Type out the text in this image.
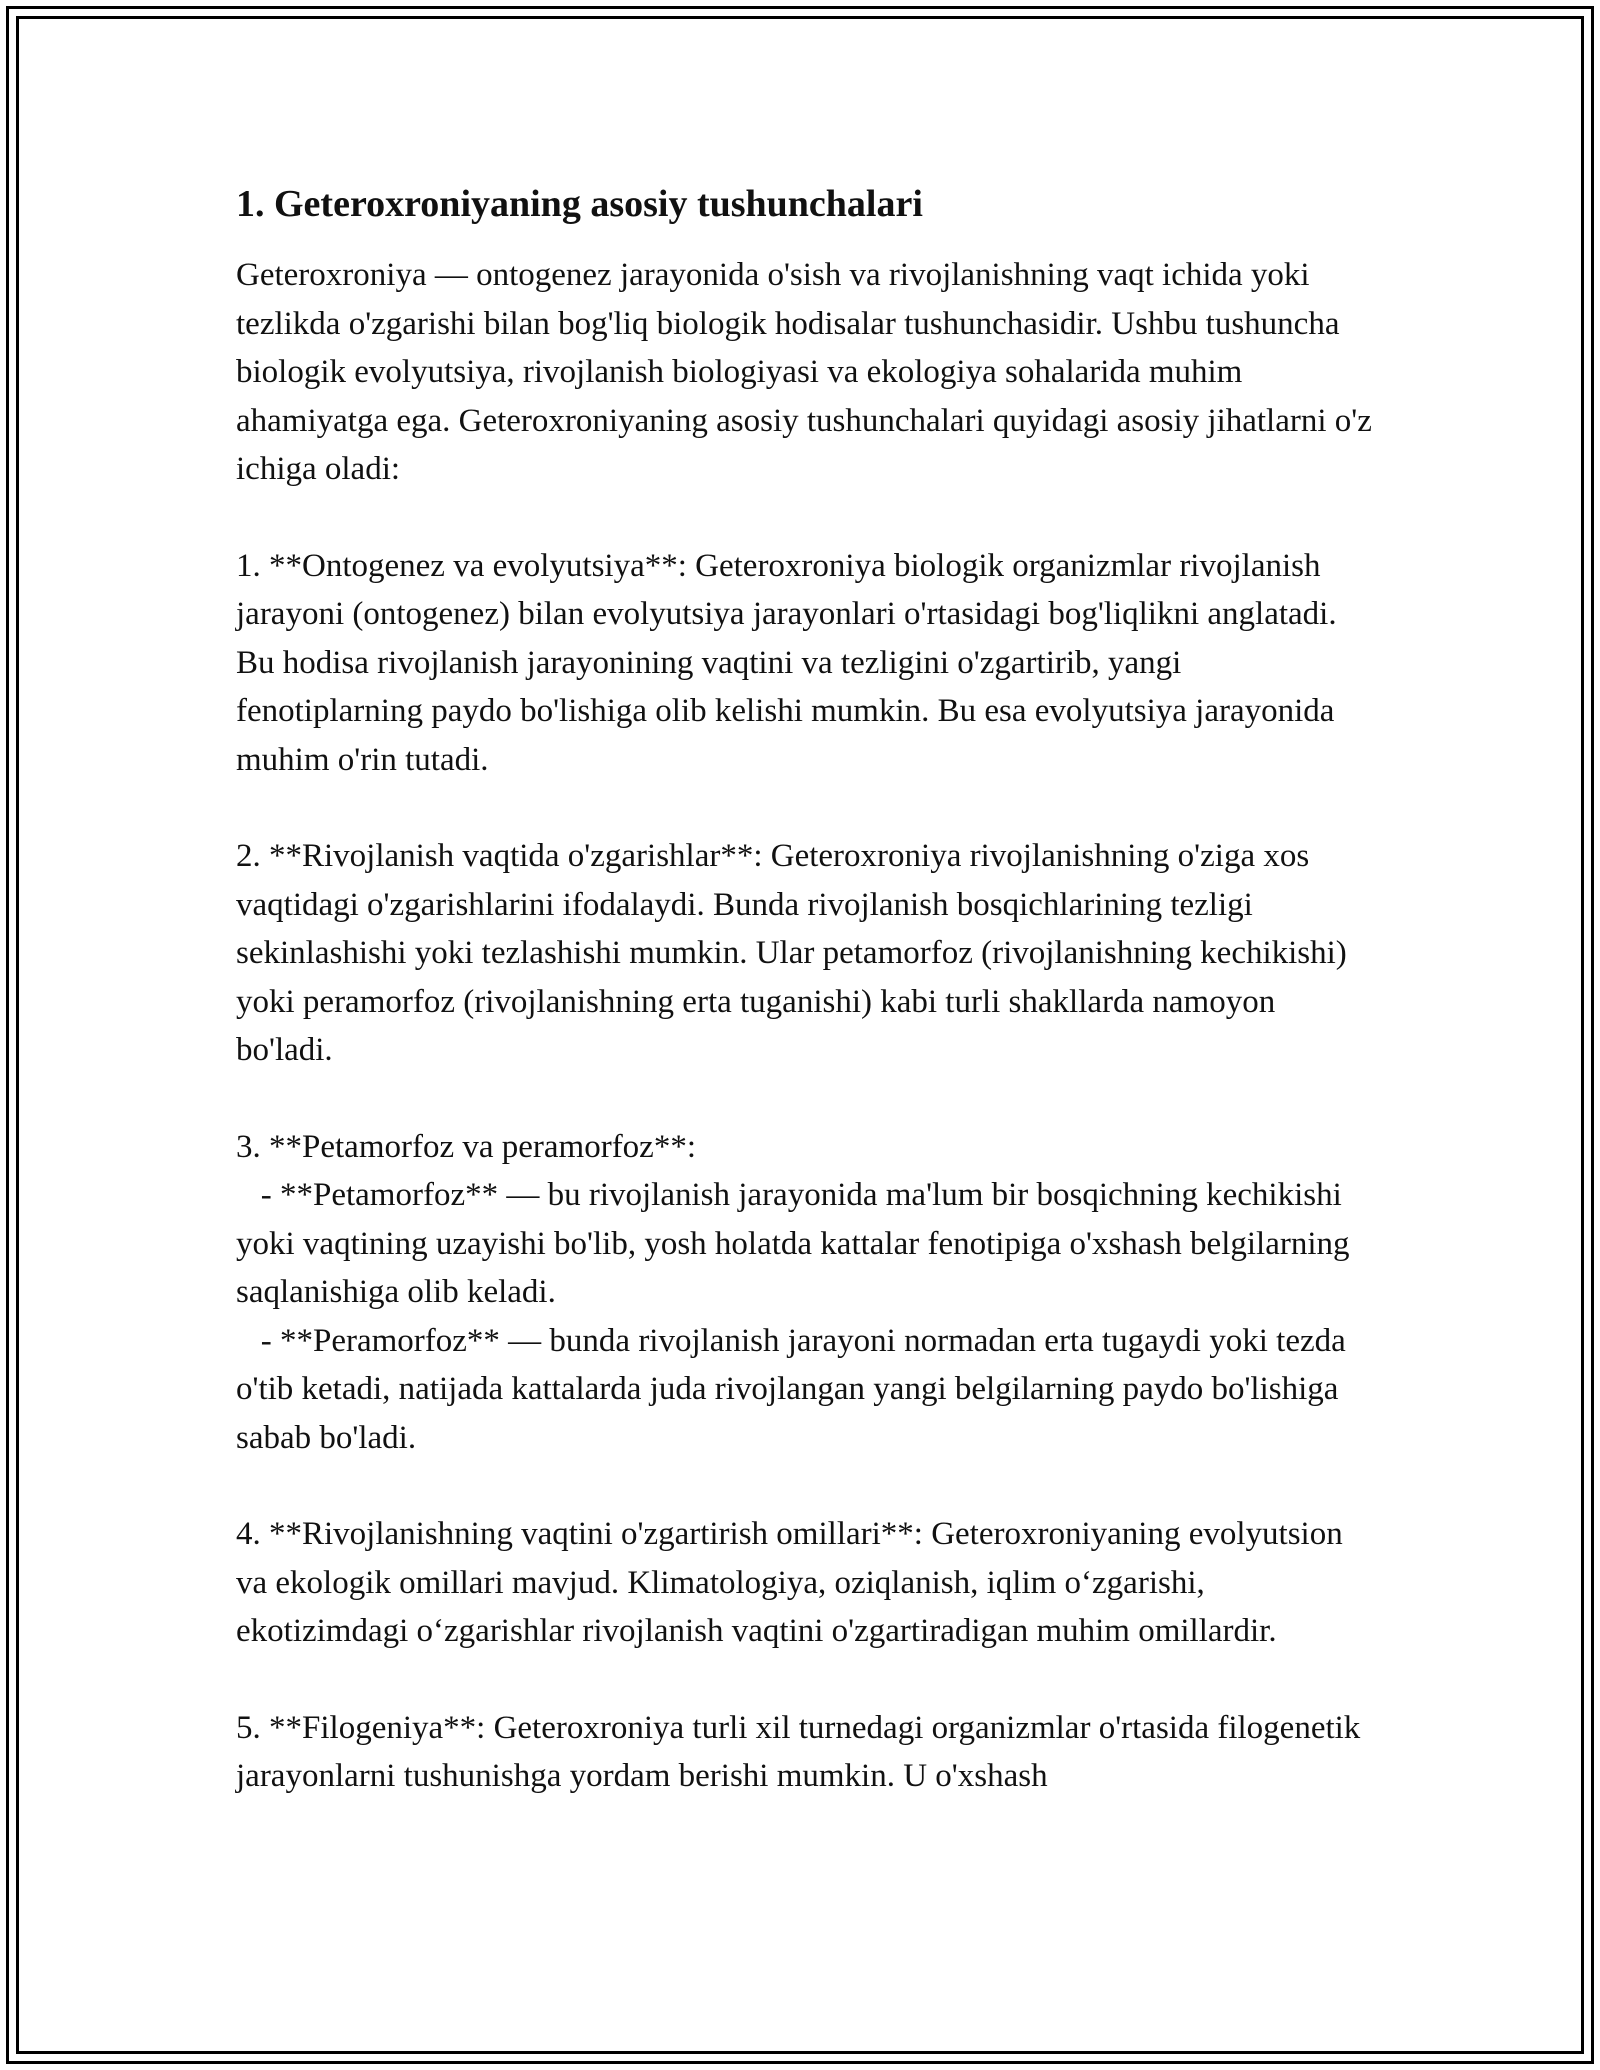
1. Geteroxroniyaning asosiy tushunchalari

Geteroxroniya — ontogenez jarayonida o'sish va rivojlanishning vaqt ichida yoki tezlikda o'zgarishi bilan bog'liq biologik hodisalar tushunchasidir. Ushbu tushuncha biologik evolyutsiya, rivojlanish biologiyasi va ekologiya sohalarida muhim ahamiyatga ega. Geteroxroniyaning asosiy tushunchalari quyidagi asosiy jihatlarni o'z ichiga oladi:

1. **Ontogenez va evolyutsiya**: Geteroxroniya biologik organizmlar rivojlanish jarayoni (ontogenez) bilan evolyutsiya jarayonlari o'rtasidagi bog'liqlikni anglatadi. Bu hodisa rivojlanish jarayonining vaqtini va tezligini o'zgartirib, yangi fenotiplarning paydo bo'lishiga olib kelishi mumkin. Bu esa evolyutsiya jarayonida muhim o'rin tutadi.

2. **Rivojlanish vaqtida o'zgarishlar**: Geteroxroniya rivojlanishning o'ziga xos vaqtidagi o'zgarishlarini ifodalaydi. Bunda rivojlanish bosqichlarining tezligi sekinlashishi yoki tezlashishi mumkin. Ular petamorfoz (rivojlanishning kechikishi) yoki peramorfoz (rivojlanishning erta tuganishi) kabi turli shakllarda namoyon bo'ladi.

3. **Petamorfoz va peramorfoz**:
- **Petamorfoz** — bu rivojlanish jarayonida ma'lum bir bosqichning kechikishi yoki vaqtining uzayishi bo'lib, yosh holatda kattalar fenotipiga o'xshash belgilarning saqlanishiga olib keladi.
- **Peramorfoz** — bunda rivojlanish jarayoni normadan erta tugaydi yoki tezda o'tib ketadi, natijada kattalarda juda rivojlangan yangi belgilarning paydo bo'lishiga sabab bo'ladi.

4. **Rivojlanishning vaqtini o'zgartirish omillari**: Geteroxroniyaning evolyutsion va ekologik omillari mavjud. Klimatologiya, oziqlanish, iqlim o‘zgarishi, ekotizimdagi o‘zgarishlar rivojlanish vaqtini o'zgartiradigan muhim omillardir.

5. **Filogeniya**: Geteroxroniya turli xil turnedagi organizmlar o'rtasida filogenetik jarayonlarni tushunishga yordam berishi mumkin. U o'xshash
